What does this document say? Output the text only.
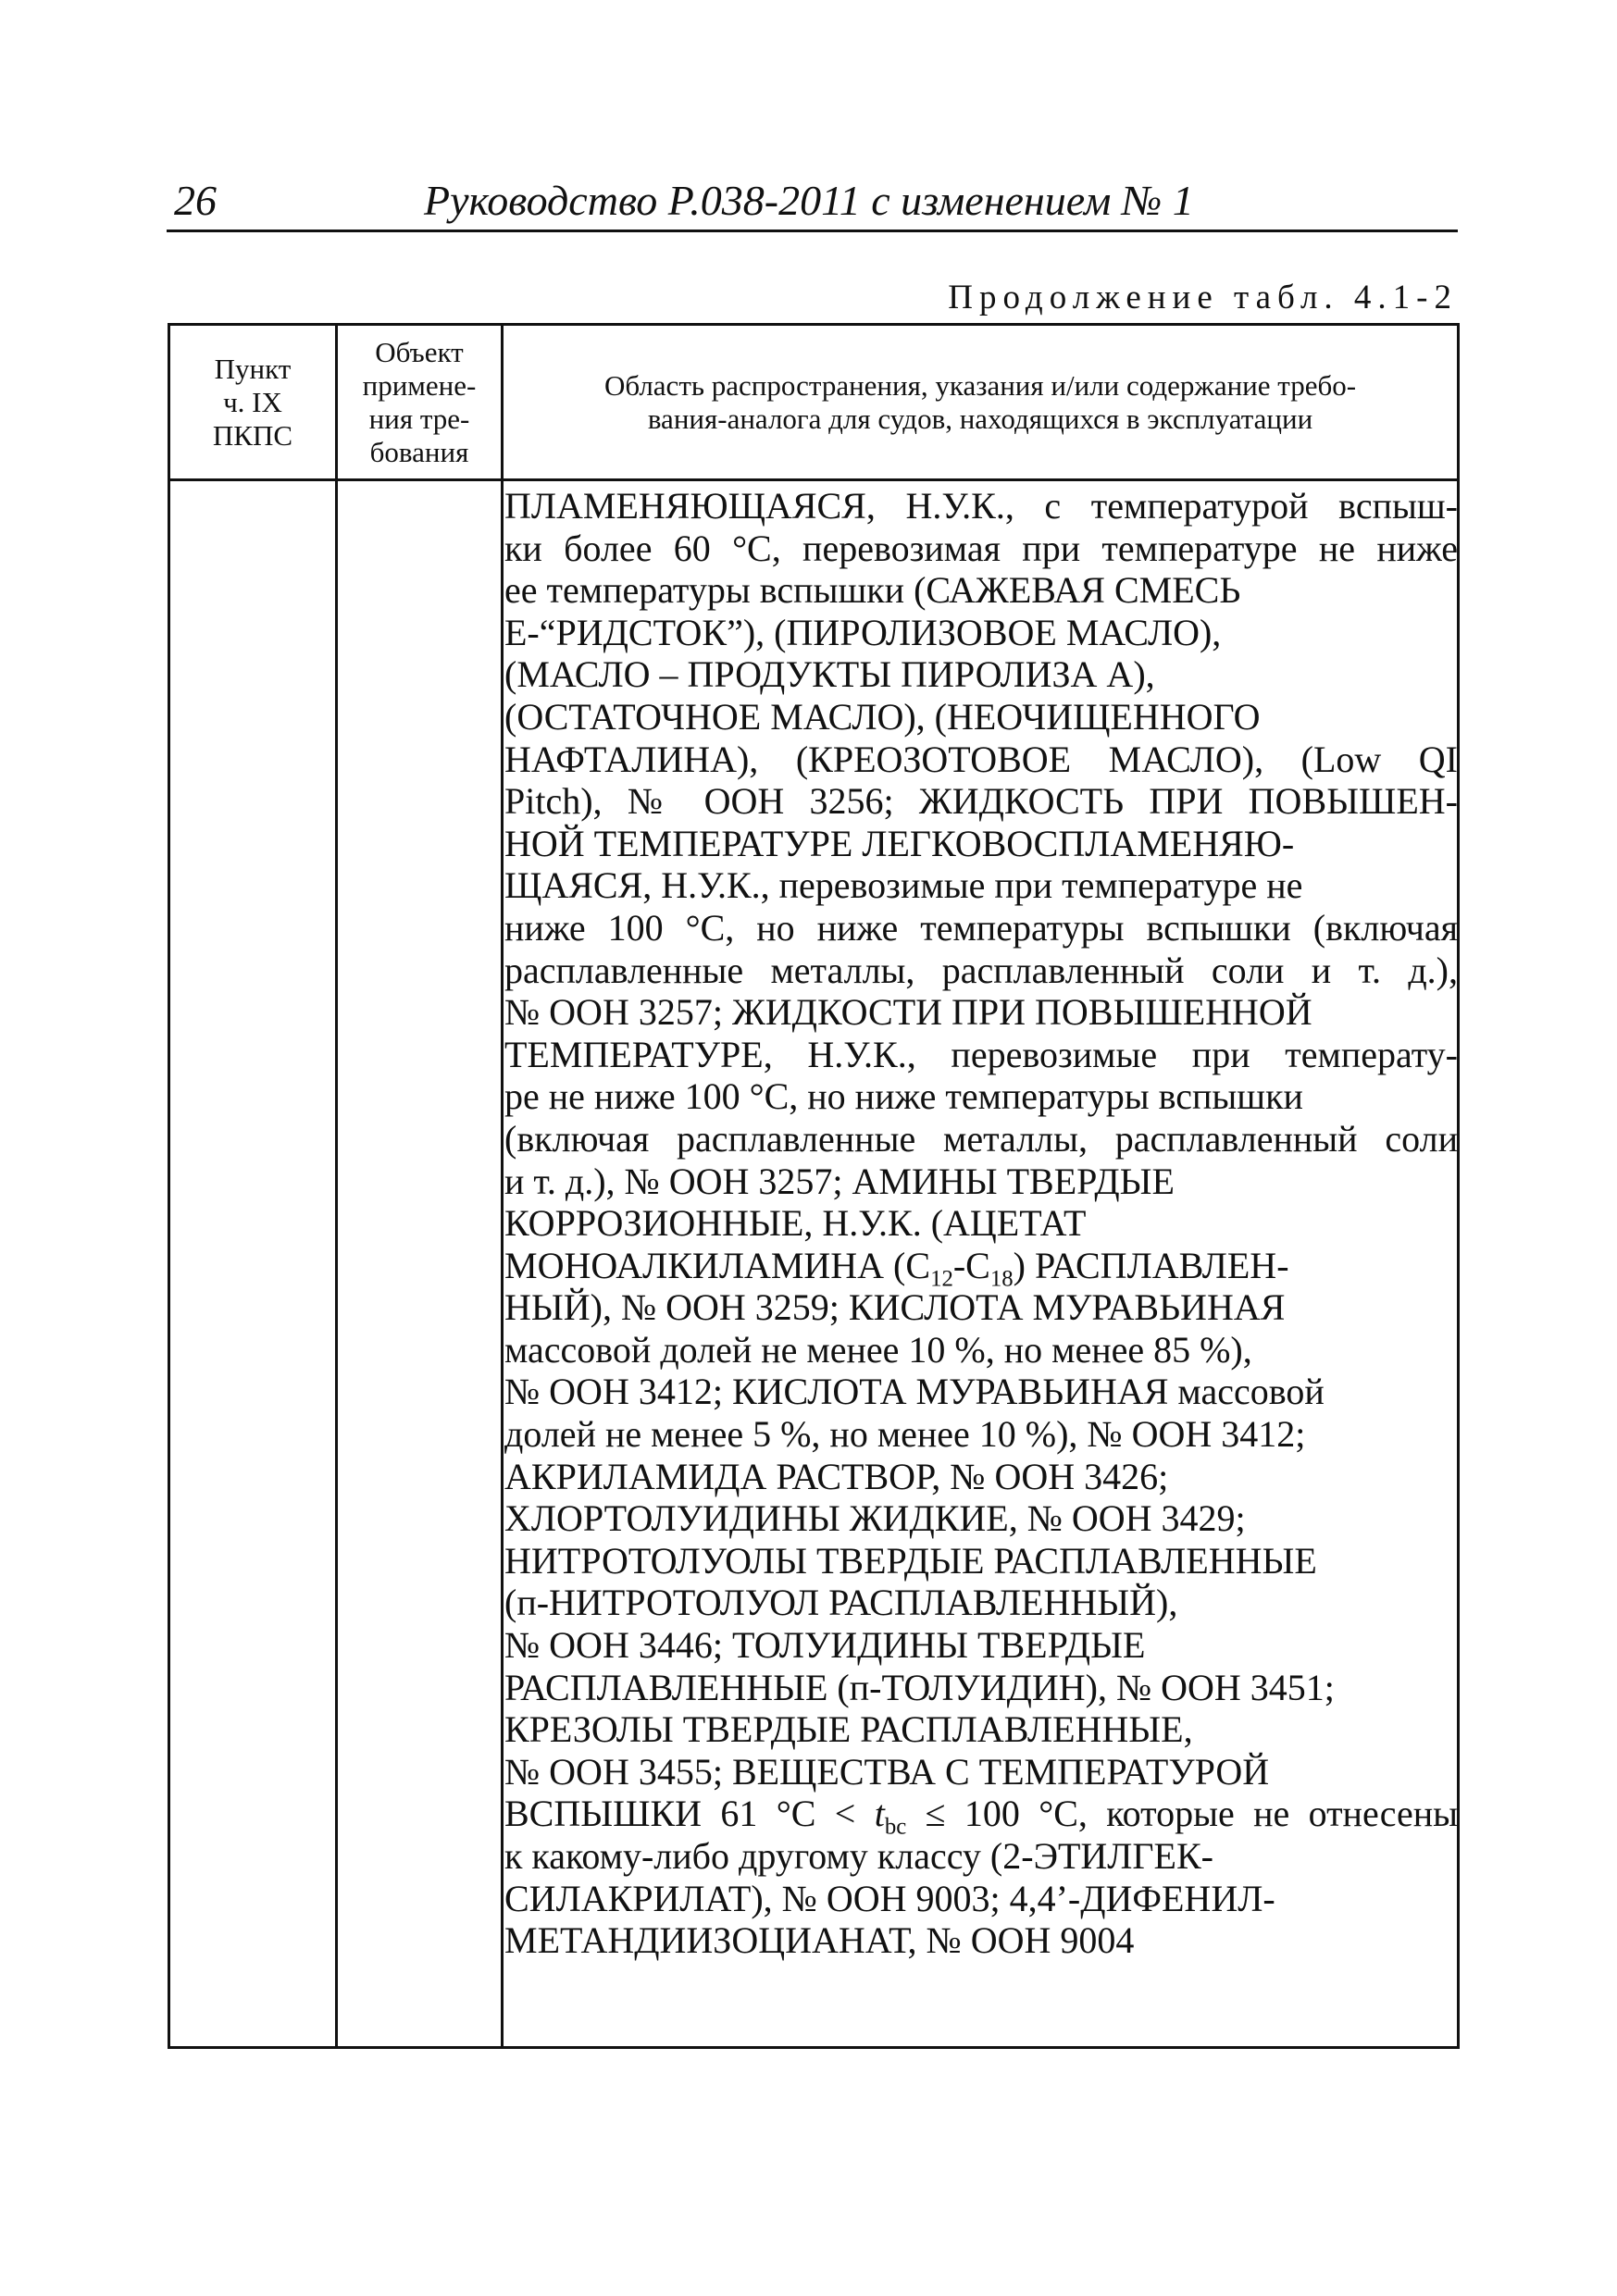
26	Руководство Р.038-2011 с изменением № 1
Продолжение табл. 4.1-2
Пункт
ч. IX
ПКПС
Объект
примене-
ния тре-
бования
Область распространения, указания и/или содержание требо-
вания-аналога для судов, находящихся в эксплуатации
ПЛАМЕНЯЮЩАЯСЯ, Н.У.К., с температурой вспыш-
ки более 60 °С, перевозимая при температуре не ниже
ее температуры вспышки (САЖЕВАЯ СМЕСЬ
Е-“РИДСТОК”), (ПИРОЛИЗОВОЕ МАСЛО),
(МАСЛО – ПРОДУКТЫ ПИРОЛИЗА А),
(ОСТАТОЧНОЕ МАСЛО), (НЕОЧИЩЕННОГО
НАФТАЛИНА), (КРЕОЗОТОВОЕ МАСЛО), (Low QI
Pitch), № ООН 3256; ЖИДКОСТЬ ПРИ ПОВЫШЕН-
НОЙ ТЕМПЕРАТУРЕ ЛЕГКОВОСПЛАМЕНЯЮ-
ЩАЯСЯ, Н.У.К., перевозимые при температуре не
ниже 100 °С, но ниже температуры вспышки (включая
расплавленные металлы, расплавленный соли и т. д.),
№ ООН 3257; ЖИДКОСТИ ПРИ ПОВЫШЕННОЙ
ТЕМПЕРАТУРЕ, Н.У.К., перевозимые при температу-
ре не ниже 100 °С, но ниже температуры вспышки
(включая расплавленные металлы, расплавленный соли
и т. д.), № ООН 3257; АМИНЫ ТВЕРДЫЕ
КОРРОЗИОННЫЕ, Н.У.К. (АЦЕТАТ
МОНОАЛКИЛАМИНА $(С_{12}-С_{18})$ РАСПЛАВЛЕН-
НЫЙ), № ООН 3259; КИСЛОТА МУРАВЬИНАЯ
массовой долей не менее 10 %, но менее 85 %),
№ ООН 3412; КИСЛОТА МУРАВЬИНАЯ массовой
долей не менее 5 %, но менее 10 %), № ООН 3412;
АКРИЛАМИДА РАСТВОР, № ООН 3426;
ХЛОРТОЛУИДИНЫ ЖИДКИЕ, № ООН 3429;
НИТРОТОЛУОЛЫ ТВЕРДЫЕ РАСПЛАВЛЕННЫЕ
(п-НИТРОТОЛУОЛ РАСПЛАВЛЕННЫЙ),
№ ООН 3446; ТОЛУИДИНЫ ТВЕРДЫЕ
РАСПЛАВЛЕННЫЕ (п-ТОЛУИДИН), № ООН 3451;
КРЕЗОЛЫ ТВЕРДЫЕ РАСПЛАВЛЕННЫЕ,
№ ООН 3455; ВЕЩЕСТВА С ТЕМПЕРАТУРОЙ
ВСПЫШКИ 61 $^\circ С < t_{bc} \le 100$ °С, которые не отнесены
к какому-либо другому классу (2-ЭТИЛГЕК-
СИЛАКРИЛАТ), № ООН 9003; 4,4’-ДИФЕНИЛ-
МЕТАНДИИЗОЦИАНАТ, № ООН 9004
